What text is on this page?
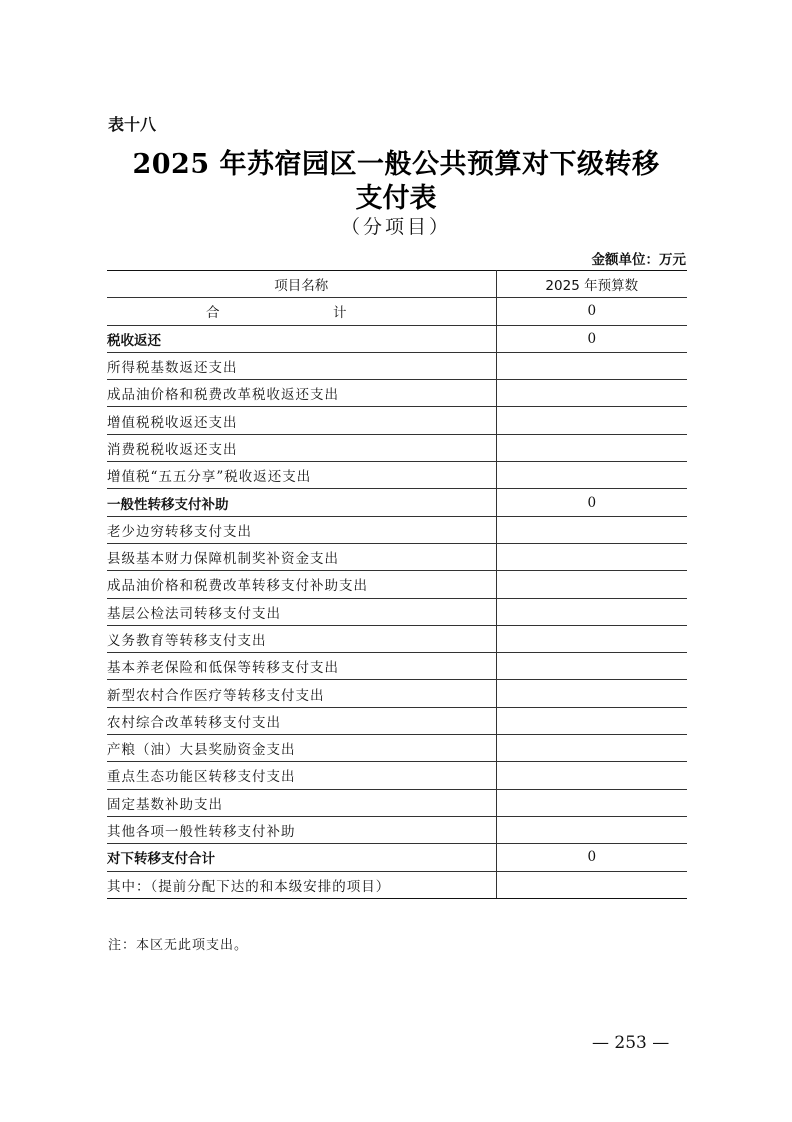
表十八
2025 年苏宿园区一般公共预算对下级转移
支付表
（分项目）
金额单位：万元
项目名称	2025 年预算数
合　计	0
税收返还	0
所得税基数返还支出	
成品油价格和税费改革税收返还支出	
增值税税收返还支出	
消费税税收返还支出	
增值税“五五分享”税收返还支出	
一般性转移支付补助	0
老少边穷转移支付支出	
县级基本财力保障机制奖补资金支出	
成品油价格和税费改革转移支付补助支出	
基层公检法司转移支付支出	
义务教育等转移支付支出	
基本养老保险和低保等转移支付支出	
新型农村合作医疗等转移支付支出	
农村综合改革转移支付支出	
产粮（油）大县奖励资金支出	
重点生态功能区转移支付支出	
固定基数补助支出	
其他各项一般性转移支付补助	
对下转移支付合计	0
其中：（提前分配下达的和本级安排的项目）	
注：本区无此项支出。
— 253 —
